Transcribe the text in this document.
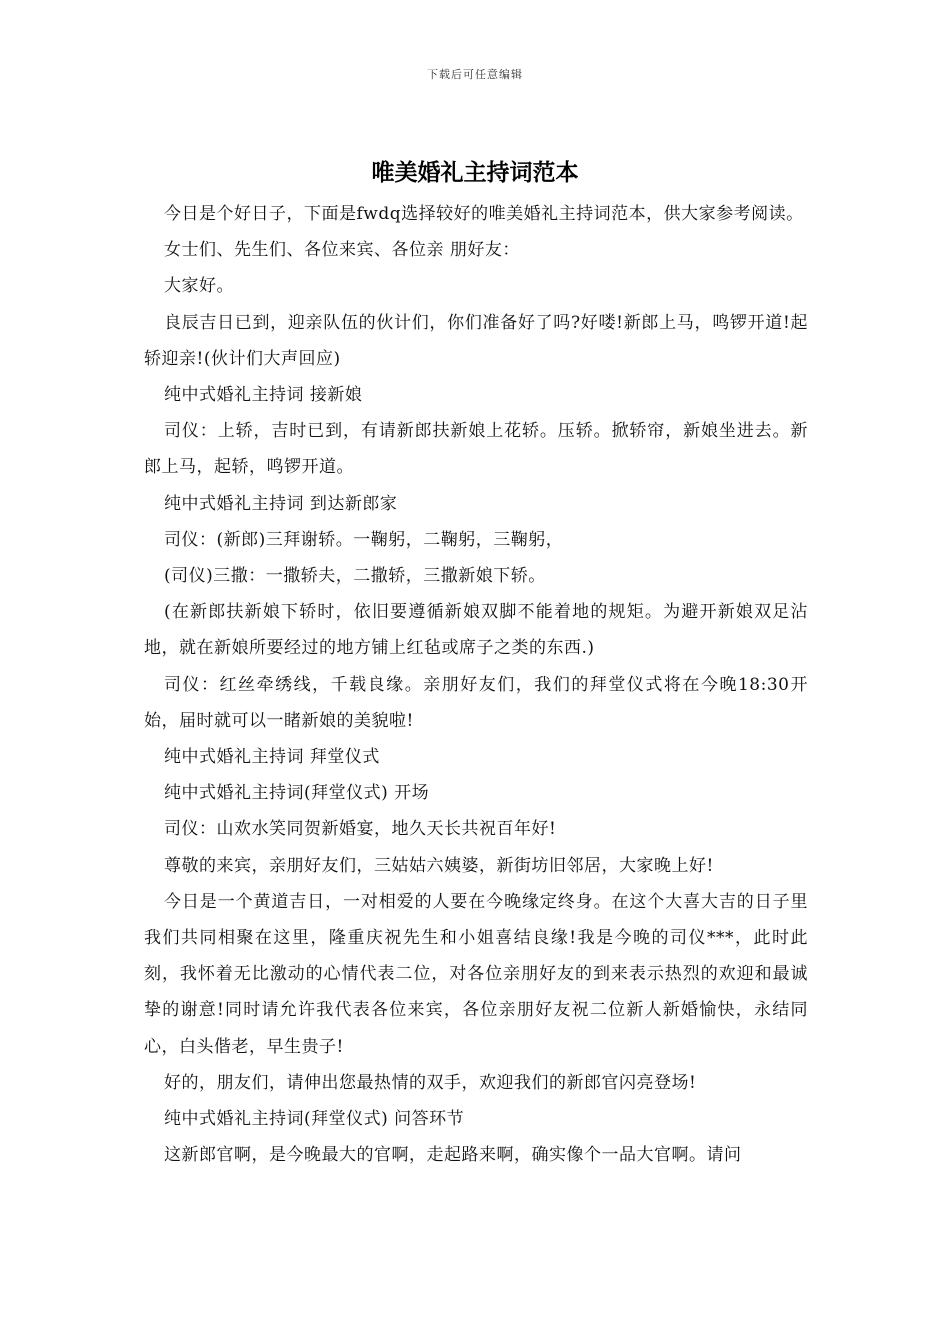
下载后可任意编辑
唯美婚礼主持词范本

今日是个好日子，下面是fwdq选择较好的唯美婚礼主持词范本，供大家参考阅读。

女士们、先生们、各位来宾、各位亲 朋好友：

大家好。

良辰吉日已到，迎亲队伍的伙计们，你们准备好了吗?好喽!新郎上马，鸣锣开道!起轿迎亲!(伙计们大声回应)

纯中式婚礼主持词 接新娘

司仪：上轿，吉时已到，有请新郎扶新娘上花轿。压轿。掀轿帘，新娘坐进去。新郎上马，起轿，鸣锣开道。

纯中式婚礼主持词 到达新郎家

司仪：(新郎)三拜谢轿。一鞠躬，二鞠躬，三鞠躬，

(司仪)三撒：一撒轿夫，二撒轿，三撒新娘下轿。

(在新郎扶新娘下轿时，依旧要遵循新娘双脚不能着地的规矩。为避开新娘双足沾地，就在新娘所要经过的地方铺上红毡或席子之类的东西.)

司仪：红丝牵绣线，千载良缘。亲朋好友们，我们的拜堂仪式将在今晚18:30开始，届时就可以一睹新娘的美貌啦!

纯中式婚礼主持词 拜堂仪式

纯中式婚礼主持词(拜堂仪式) 开场

司仪：山欢水笑同贺新婚宴，地久天长共祝百年好!

尊敬的来宾，亲朋好友们，三姑姑六姨婆，新街坊旧邻居，大家晚上好!

今日是一个黄道吉日，一对相爱的人要在今晚缘定终身。在这个大喜大吉的日子里我们共同相聚在这里，隆重庆祝先生和小姐喜结良缘!我是今晚的司仪***，此时此刻，我怀着无比激动的心情代表二位，对各位亲朋好友的到来表示热烈的欢迎和最诚挚的谢意!同时请允许我代表各位来宾，各位亲朋好友祝二位新人新婚愉快，永结同心，白头偕老，早生贵子!

好的，朋友们，请伸出您最热情的双手，欢迎我们的新郎官闪亮登场!

纯中式婚礼主持词(拜堂仪式) 问答环节

这新郎官啊，是今晚最大的官啊，走起路来啊，确实像个一品大官啊。请问
